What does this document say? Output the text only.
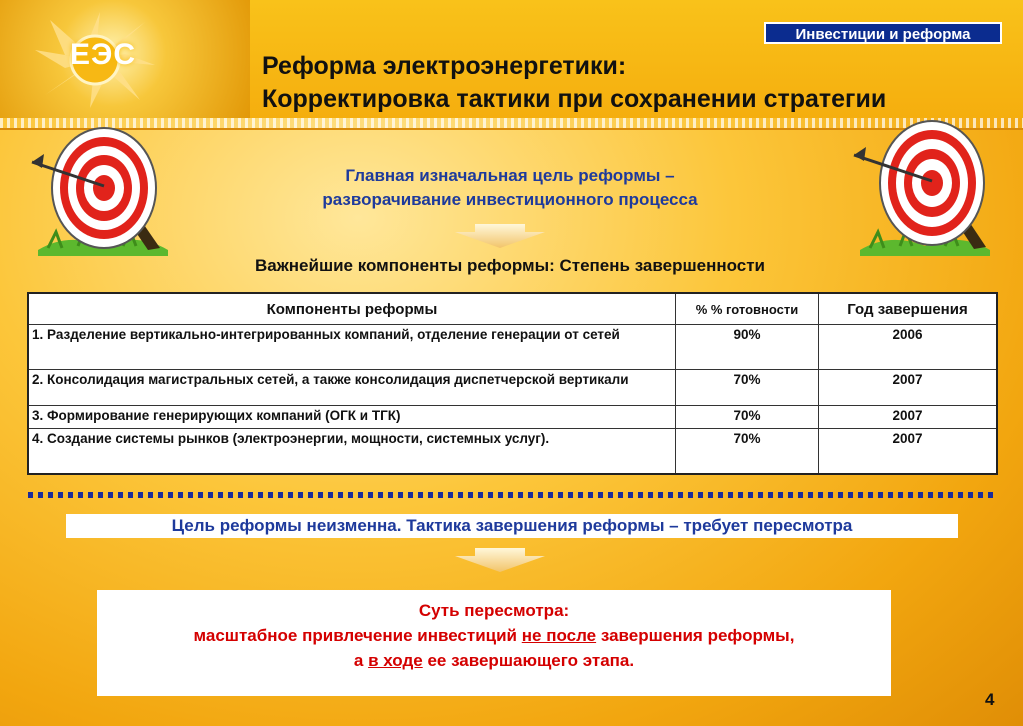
ЕЭС
Инвестиции и реформа
Реформа электроэнергетики:
Корректировка тактики при сохранении стратегии
Главная изначальная цель реформы –
разворачивание инвестиционного процесса
Важнейшие компоненты реформы: Степень завершенности
Компоненты реформы	% % готовности	Год завершения
1. Разделение вертикально-интегрированных компаний, отделение генерации от сетей	90%	2006
2. Консолидация магистральных сетей, а также консолидация диспетчерской вертикали	70%	2007
3. Формирование генерирующих компаний (ОГК и ТГК)	70%	2007
4. Создание системы рынков (электроэнергии, мощности, системных услуг).	70%	2007
Цель реформы неизменна. Тактика завершения реформы – требует пересмотра
Суть пересмотра:
масштабное привлечение инвестиций не после завершения реформы,
а в ходе ее завершающего этапа.
4
